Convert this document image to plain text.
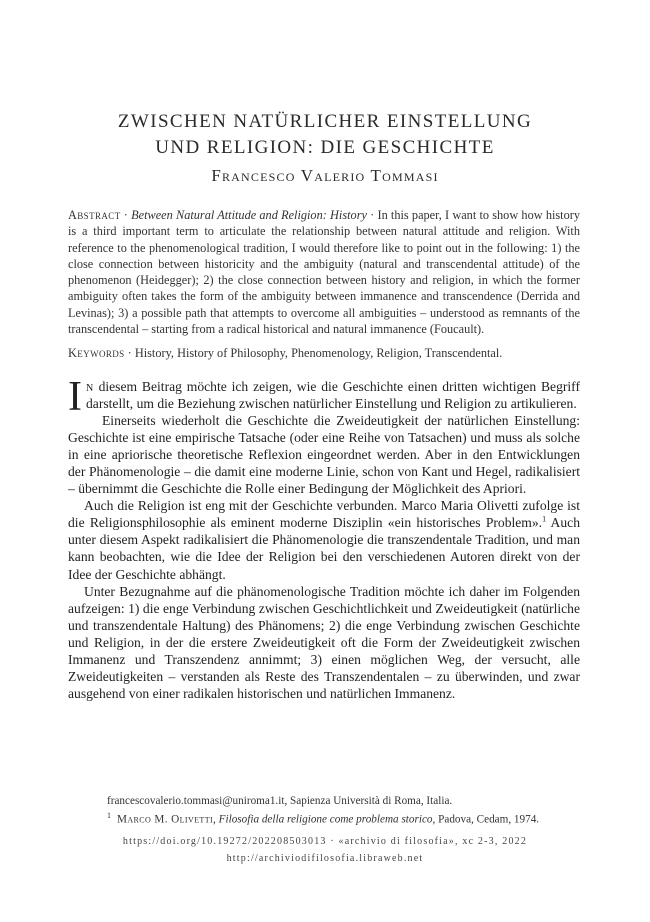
ZWISCHEN NATÜRLICHER EINSTELLUNG
UND RELIGION: DIE GESCHICHTE
Francesco Valerio Tommasi
Abstract · Between Natural Attitude and Religion: History · In this paper, I want to show how history is a third important term to articulate the relationship between natural attitude and religion. With reference to the phenomenological tradition, I would therefore like to point out in the following: 1) the close connection between historicity and the ambiguity (natural and transcendental attitude) of the phenomenon (Heidegger); 2) the close connection between history and religion, in which the former ambiguity often takes the form of the ambiguity between immanence and transcendence (Derrida and Levinas); 3) a possible path that attempts to overcome all ambiguities – understood as remnants of the transcendental – starting from a radical historical and natural immanence (Foucault).
Keywords · History, History of Philosophy, Phenomenology, Religion, Transcendental.

In diesem Beitrag möchte ich zeigen, wie die Geschichte einen dritten wichtigen Begriff darstellt, um die Beziehung zwischen natürlicher Einstellung und Religion zu artikulieren.

Einerseits wiederholt die Geschichte die Zweideutigkeit der natürlichen Einstellung: Geschichte ist eine empirische Tatsache (oder eine Reihe von Tatsachen) und muss als solche in eine apriorische theoretische Reflexion eingeordnet werden. Aber in den Entwicklungen der Phänomenologie – die damit eine moderne Linie, schon von Kant und Hegel, radikalisiert – übernimmt die Geschichte die Rolle einer Bedingung der Möglichkeit des Apriori.

Auch die Religion ist eng mit der Geschichte verbunden. Marco Maria Olivetti zufolge ist die Religionsphilosophie als eminent moderne Disziplin «ein historisches Problem».$^1$ Auch unter diesem Aspekt radikalisiert die Phänomenologie die transzendentale Tradition, und man kann beobachten, wie die Idee der Religion bei den verschiedenen Autoren direkt von der Idee der Geschichte abhängt.

Unter Bezugnahme auf die phänomenologische Tradition möchte ich daher im Folgenden aufzeigen: 1) die enge Verbindung zwischen Geschichtlichkeit und Zweideutigkeit (natürliche und transzendentale Haltung) des Phänomens; 2) die enge Verbindung zwischen Geschichte und Religion, in der die erstere Zweideutigkeit oft die Form der Zweideutigkeit zwischen Immanenz und Transzendenz annimmt; 3) einen möglichen Weg, der versucht, alle Zweideutigkeiten – verstanden als Reste des Transzendentalen – zu überwinden, und zwar ausgehend von einer radikalen historischen und natürlichen Immanenz.

francescovalerio.tommasi@uniroma1.it, Sapienza Università di Roma, Italia.
$^1$ Marco M. Olivetti, Filosofia della religione come problema storico, Padova, Cedam, 1974.
https://doi.org/10.19272/202208503013 · «archivio di filosofia», xc 2-3, 2022
http://archiviodifilosofia.libraweb.net
